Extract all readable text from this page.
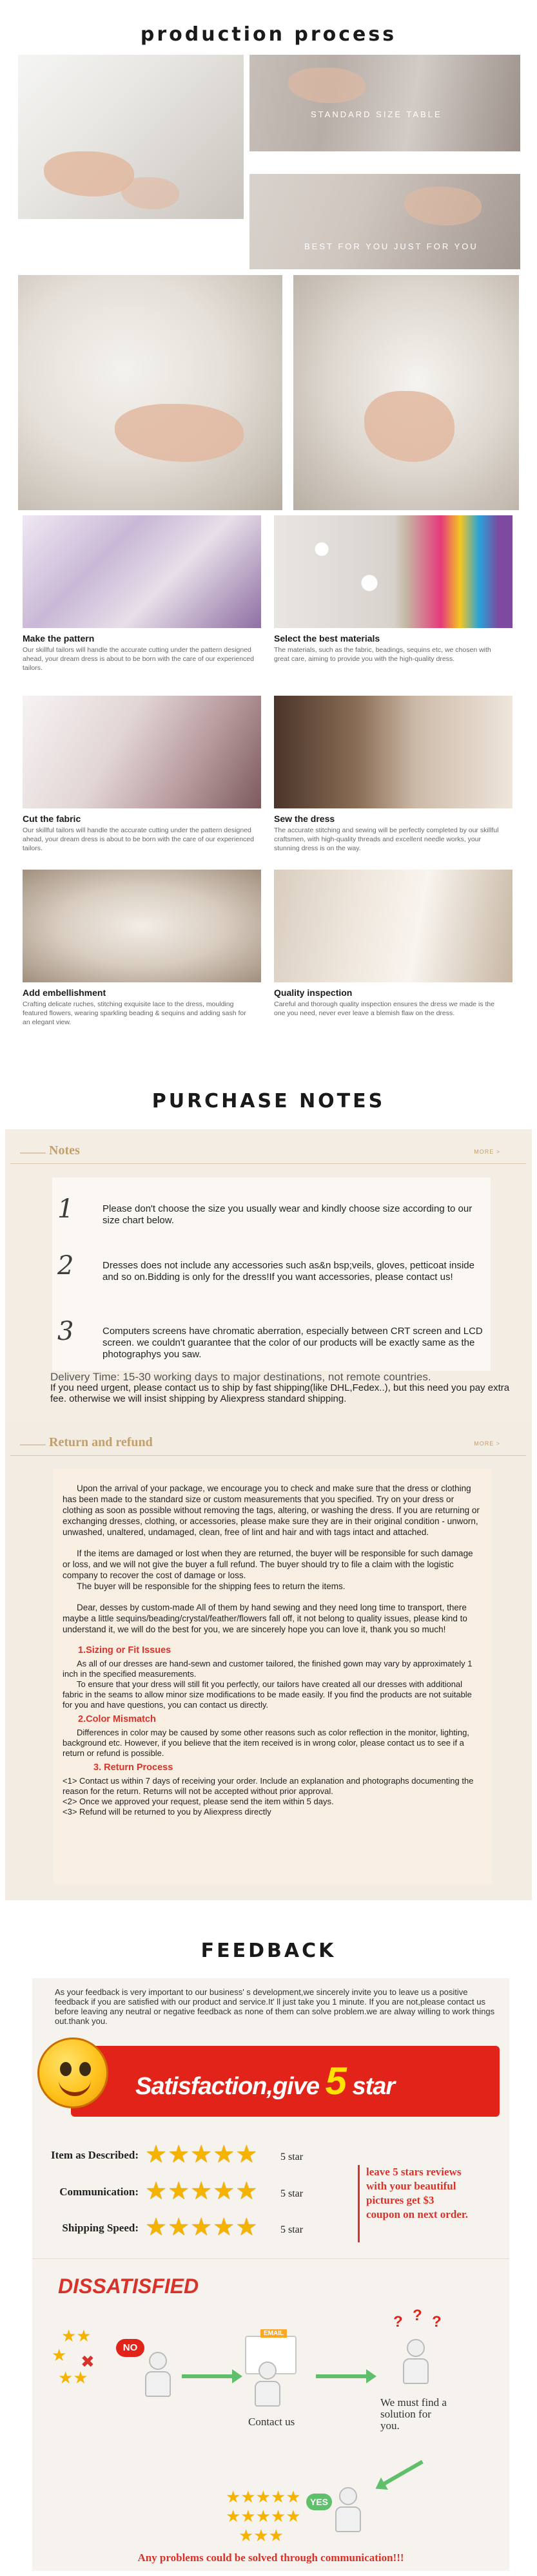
production process
STANDARD SIZE TABLE
BEST FOR YOU JUST FOR YOU
Make the pattern

Our skillful tailors will handle the accurate cutting under the pattern designed ahead, your dream dress is about to be born with the care of our experienced tailors.

Select the best materials

The materials, such as the fabric, beadings, sequins etc, we chosen with great care, aiming to provide you with the high-quality dress.

Cut the fabric

Our skillful tailors will handle the accurate cutting under the pattern designed ahead, your dream dress is about to be born with the care of our experienced tailors.

Sew the dress

The accurate stitching and sewing will be perfectly completed by our skillful craftsmen, with high-quality threads and excellent needle works, your stunning dress is on the way.

Add embellishment

Crafting delicate ruches, stitching exquisite lace to the dress, moulding featured flowers, wearing sparkling beading & sequins and adding sash for an elegant view.

Quality inspection

Careful and thorough quality inspection ensures the dress we made is the one you need, never ever leave a blemish flaw on the dress.

PURCHASE NOTES
Notes	MORE >
1	Please don't choose the size you usually wear and kindly choose size according to our size chart below.
2	Dresses does not include any accessories such as&n bsp;veils, gloves, petticoat inside and so on.Bidding is only for the dress!If you want accessories, please contact us!
3	Computers screens have chromatic aberration, especially between CRT screen and LCD screen. we couldn't guarantee that the color of our products will be exactly same as the photographys you saw.
Delivery Time: 15-30 working days to major destinations, not remote countries.
If you need urgent, please contact us to ship by fast shipping(like DHL,Fedex..), but this need you pay extra fee. otherwise we will insist shipping by Aliexpress standard shipping.
Return and refund	MORE >
Upon the arrival of your package, we encourage you to check and make sure that the dress or clothing has been made to the standard size or custom measurements that you specified. Try on your dress or clothing as soon as possible without removing the tags, altering, or washing the dress. If you are returning or exchanging dresses, clothing, or accessories, please make sure they are in their original condition - unworn, unwashed, unaltered, undamaged, clean, free of lint and hair and with tags intact and attached.

If the items are damaged or lost when they are returned, the buyer will be responsible for such damage or loss, and we will not give the buyer a full refund. The buyer should try to file a claim with the logistic company to recover the cost of damage or loss.

The buyer will be responsible for the shipping fees to return the items.

Dear, desses by custom-made All of them by hand sewing and they need long time to transport, there maybe a little sequins/beading/crystal/feather/flowers fall off, it not belong to quality issues, please kind to understand it, we will do the best for you, we are sincerely hope you can love it, thank you so much!
1.Sizing or Fit Issues

As all of our dresses are hand-sewn and customer tailored, the finished gown may vary by approximately 1 inch in the specified measurements.

To ensure that your dress will still fit you perfectly, our tailors have created all our dresses with additional fabric in the seams to allow minor size modifications to be made easily. If you find the products are not suitable for you and have questions, you can contact us directly.

2.Color Mismatch
Differences in color may be caused by some other reasons such as color reflection in the monitor, lighting, background etc. However, if you believe that the item received is in wrong color, please contact us to see if a return or refund is possible.
3. Return Process
<1> Contact us within 7 days of receiving your order. Include an explanation and photographs documenting the reason for the return. Returns will not be accepted without prior approval.
<2> Once we approved your request, please send the item within 5 days.
<3> Refund will be returned to you by Aliexpress directly
FEEDBACK

As your feedback is very important to our business' s development,we sincerely invite you to leave us a positive feedback if you are satisfied with our product and service.It' ll just take you 1 minute. If you are not,please contact us before leaving any neutral or negative feedback as none of them can solve problem.we are alway willing to work things out.thank you.

Satisfaction,give 5 star
Item as Described: ★★★★★ 5 star
Communication: ★★★★★ 5 star
Shipping Speed: ★★★★★ 5 star
leave 5 stars reviews with your beautiful pictures get $3 coupon on next order.
DISSATISFIED
★★
★ ✖
★★
NO
EMAIL
Contact us
? ? ?
We must find a solution for you.
★★★★★
★★★★★
★★★
YES
Any problems could be solved through communication!!!
